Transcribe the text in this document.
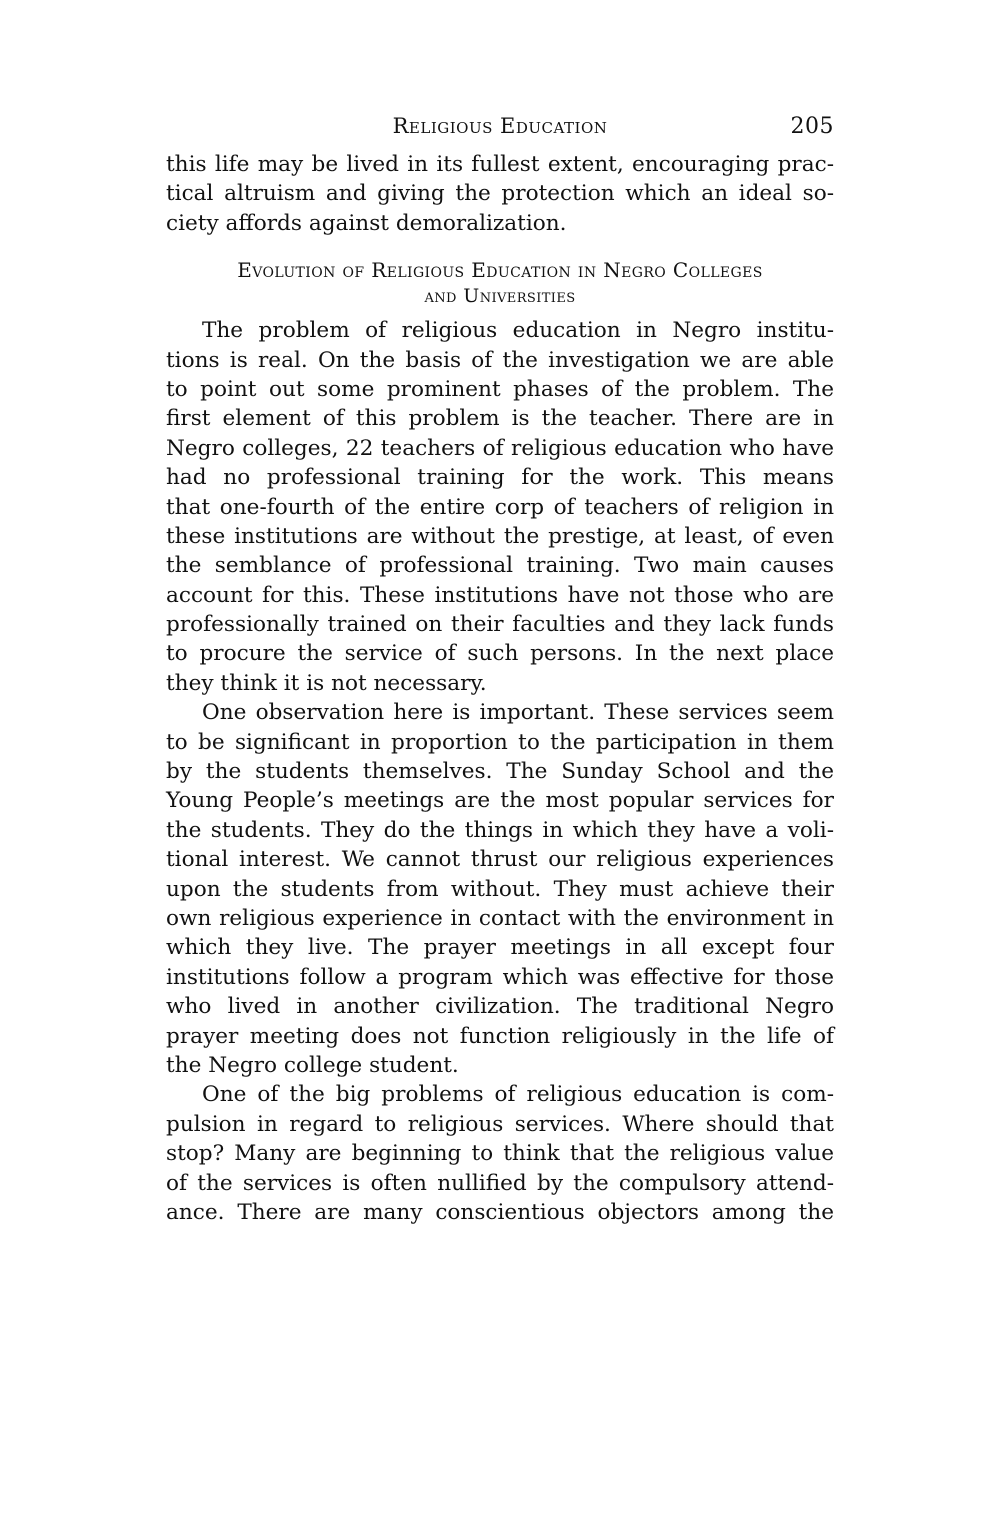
Religious Education	205
this life may be lived in its fullest extent, encouraging prac-
tical altruism and giving the protection which an ideal so-
ciety affords against demoralization.
Evolution of Religious Education in Negro Colleges
and Universities
The problem of religious education in Negro institu-
tions is real. On the basis of the investigation we are able
to point out some prominent phases of the problem. The
first element of this problem is the teacher. There are in
Negro colleges, 22 teachers of religious education who have
had no professional training for the work. This means
that one-fourth of the entire corp of teachers of religion in
these institutions are without the prestige, at least, of even
the semblance of professional training. Two main causes
account for this. These institutions have not those who are
professionally trained on their faculties and they lack funds
to procure the service of such persons. In the next place
they think it is not necessary.
One observation here is important. These services seem
to be significant in proportion to the participation in them
by the students themselves. The Sunday School and the
Young People’s meetings are the most popular services for
the students. They do the things in which they have a voli-
tional interest. We cannot thrust our religious experiences
upon the students from without. They must achieve their
own religious experience in contact with the environment in
which they live. The prayer meetings in all except four
institutions follow a program which was effective for those
who lived in another civilization. The traditional Negro
prayer meeting does not function religiously in the life of
the Negro college student.
One of the big problems of religious education is com-
pulsion in regard to religious services. Where should that
stop? Many are beginning to think that the religious value
of the services is often nullified by the compulsory attend-
ance. There are many conscientious objectors among the
